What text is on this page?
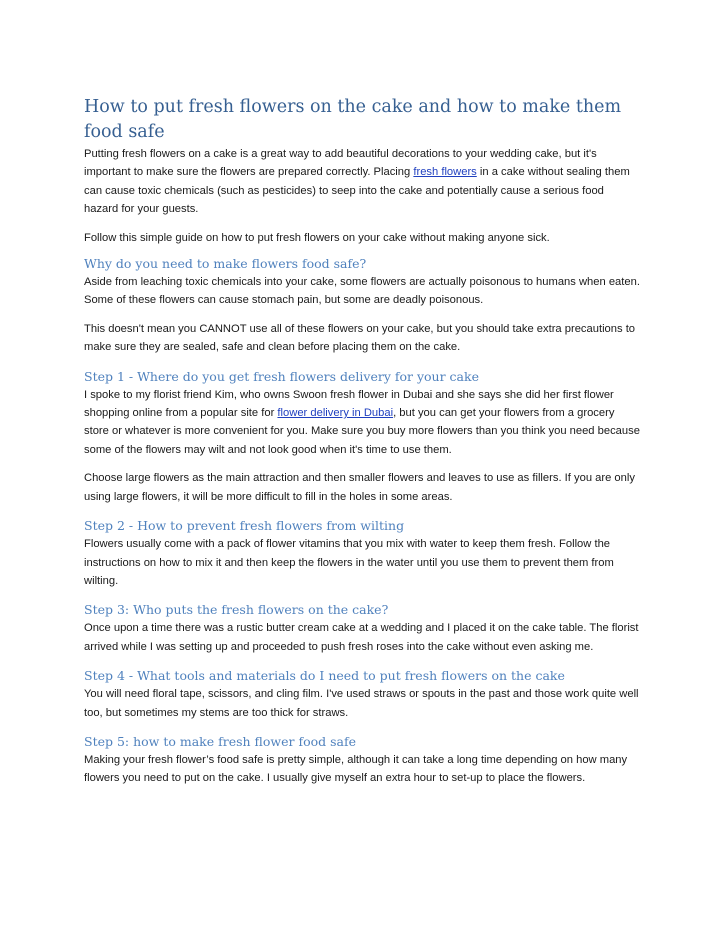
How to put fresh flowers on the cake and how to make them food safe

Putting fresh flowers on a cake is a great way to add beautiful decorations to your wedding cake, but it's important to make sure the flowers are prepared correctly. Placing fresh flowers in a cake without sealing them can cause toxic chemicals (such as pesticides) to seep into the cake and potentially cause a serious food hazard for your guests.

Follow this simple guide on how to put fresh flowers on your cake without making anyone sick.

Why do you need to make flowers food safe?

Aside from leaching toxic chemicals into your cake, some flowers are actually poisonous to humans when eaten. Some of these flowers can cause stomach pain, but some are deadly poisonous.

This doesn't mean you CANNOT use all of these flowers on your cake, but you should take extra precautions to make sure they are sealed, safe and clean before placing them on the cake.

Step 1 - Where do you get fresh flowers delivery for your cake

I spoke to my florist friend Kim, who owns Swoon fresh flower in Dubai and she says she did her first flower shopping online from a popular site for flower delivery in Dubai, but you can get your flowers from a grocery store or whatever is more convenient for you. Make sure you buy more flowers than you think you need because some of the flowers may wilt and not look good when it's time to use them.

Choose large flowers as the main attraction and then smaller flowers and leaves to use as fillers. If you are only using large flowers, it will be more difficult to fill in the holes in some areas.

Step 2 - How to prevent fresh flowers from wilting

Flowers usually come with a pack of flower vitamins that you mix with water to keep them fresh. Follow the instructions on how to mix it and then keep the flowers in the water until you use them to prevent them from wilting.

Step 3: Who puts the fresh flowers on the cake?

Once upon a time there was a rustic butter cream cake at a wedding and I placed it on the cake table. The florist arrived while I was setting up and proceeded to push fresh roses into the cake without even asking me.

Step 4 - What tools and materials do I need to put fresh flowers on the cake

You will need floral tape, scissors, and cling film. I've used straws or spouts in the past and those work quite well too, but sometimes my stems are too thick for straws.

Step 5: how to make fresh flower food safe

Making your fresh flower’s food safe is pretty simple, although it can take a long time depending on how many flowers you need to put on the cake. I usually give myself an extra hour to set-up to place the flowers.
